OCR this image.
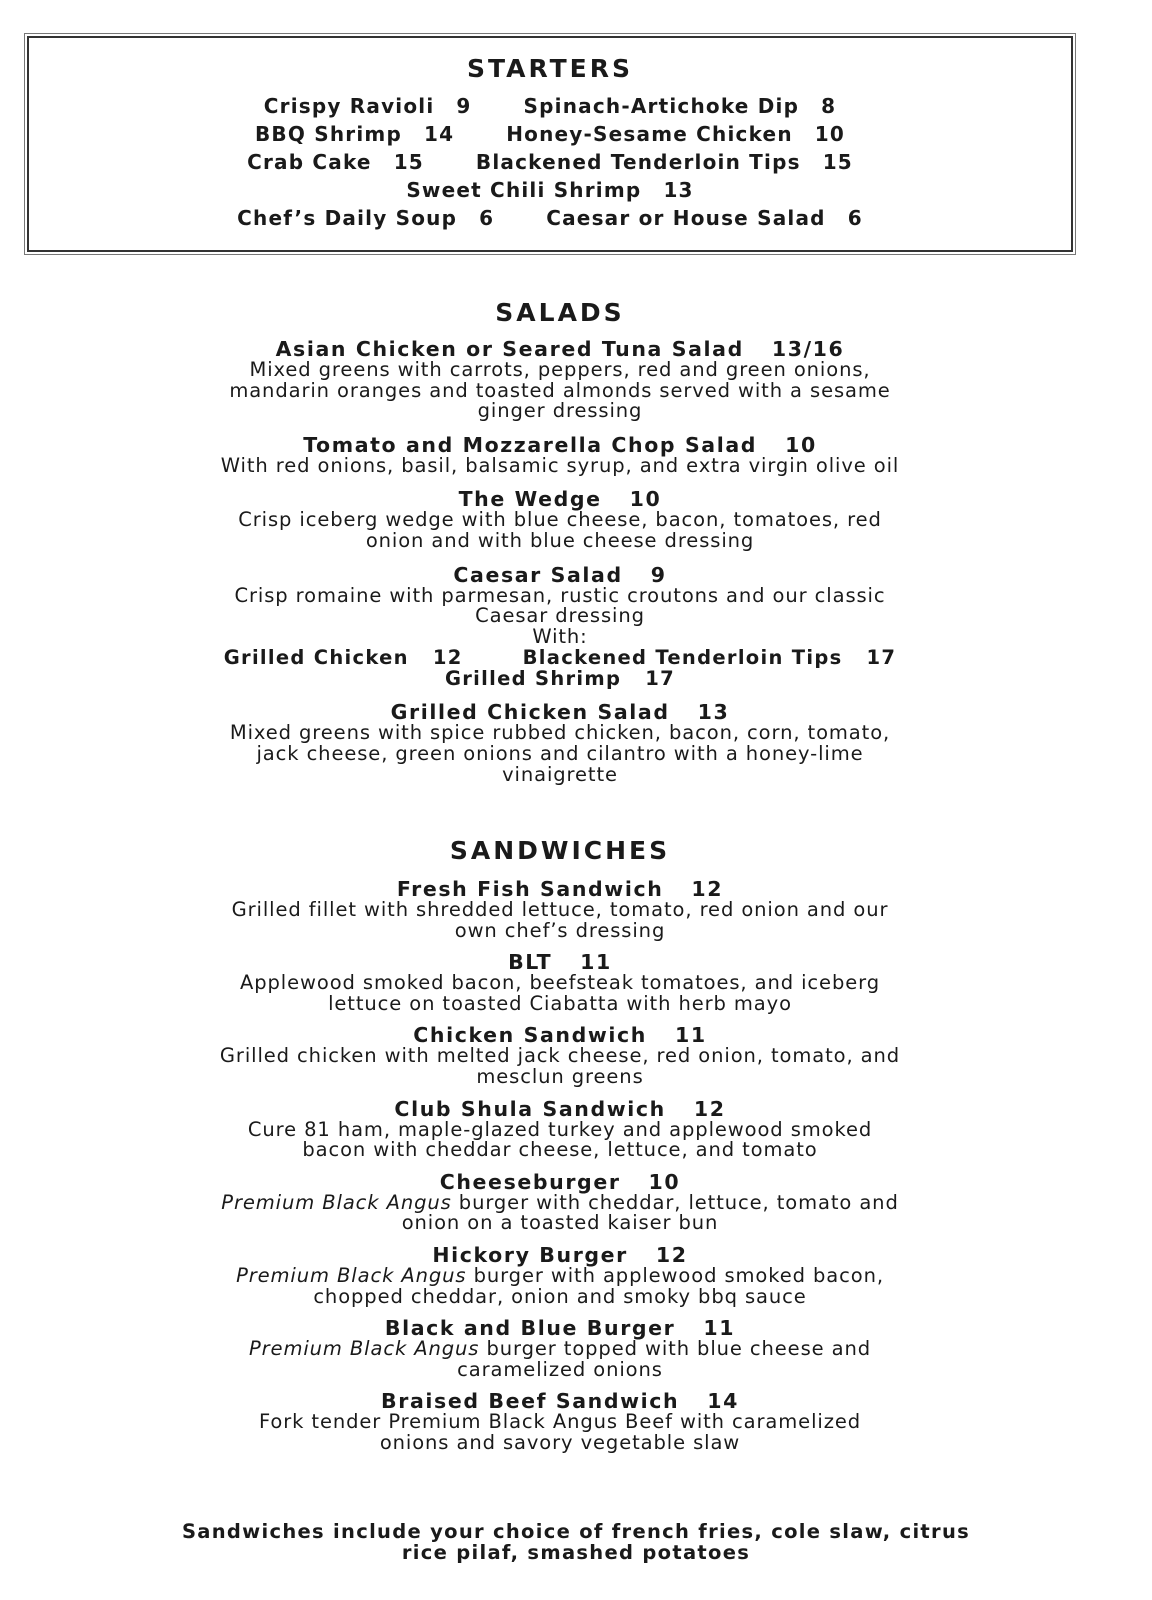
STARTERS
Crispy Ravioli 9	Spinach-Artichoke Dip 8
BBQ Shrimp 14	Honey-Sesame Chicken 10
Crab Cake 15	Blackened Tenderloin Tips 15
Sweet Chili Shrimp 13
Chef’s Daily Soup 6	Caesar or House Salad 6
SALADS

Asian Chicken or Seared Tuna Salad 13/16

Mixed greens with carrots, peppers, red and green onions,

mandarin oranges and toasted almonds served with a sesame

ginger dressing

Tomato and Mozzarella Chop Salad 10

With red onions, basil, balsamic syrup, and extra virgin olive oil

The Wedge 10

Crisp iceberg wedge with blue cheese, bacon, tomatoes, red

onion and with blue cheese dressing

Caesar Salad 9

Crisp romaine with parmesan, rustic croutons and our classic

Caesar dressing

With:

Grilled Chicken 12	Blackened Tenderloin Tips 17
Grilled Shrimp 17

Grilled Chicken Salad 13

Mixed greens with spice rubbed chicken, bacon, corn, tomato,

jack cheese, green onions and cilantro with a honey-lime

vinaigrette

SANDWICHES

Fresh Fish Sandwich 12

Grilled fillet with shredded lettuce, tomato, red onion and our

own chef’s dressing

BLT 11

Applewood smoked bacon, beefsteak tomatoes, and iceberg

lettuce on toasted Ciabatta with herb mayo

Chicken Sandwich 11

Grilled chicken with melted jack cheese, red onion, tomato, and

mesclun greens

Club Shula Sandwich 12

Cure 81 ham, maple-glazed turkey and applewood smoked

bacon with cheddar cheese, lettuce, and tomato

Cheeseburger 10

Premium Black Angus burger with cheddar, lettuce, tomato and

onion on a toasted kaiser bun

Hickory Burger 12

Premium Black Angus burger with applewood smoked bacon,

chopped cheddar, onion and smoky bbq sauce

Black and Blue Burger 11

Premium Black Angus burger topped with blue cheese and

caramelized onions

Braised Beef Sandwich 14

Fork tender Premium Black Angus Beef with caramelized

onions and savory vegetable slaw

Sandwiches include your choice of french fries, cole slaw, citrus
rice pilaf, smashed potatoes
